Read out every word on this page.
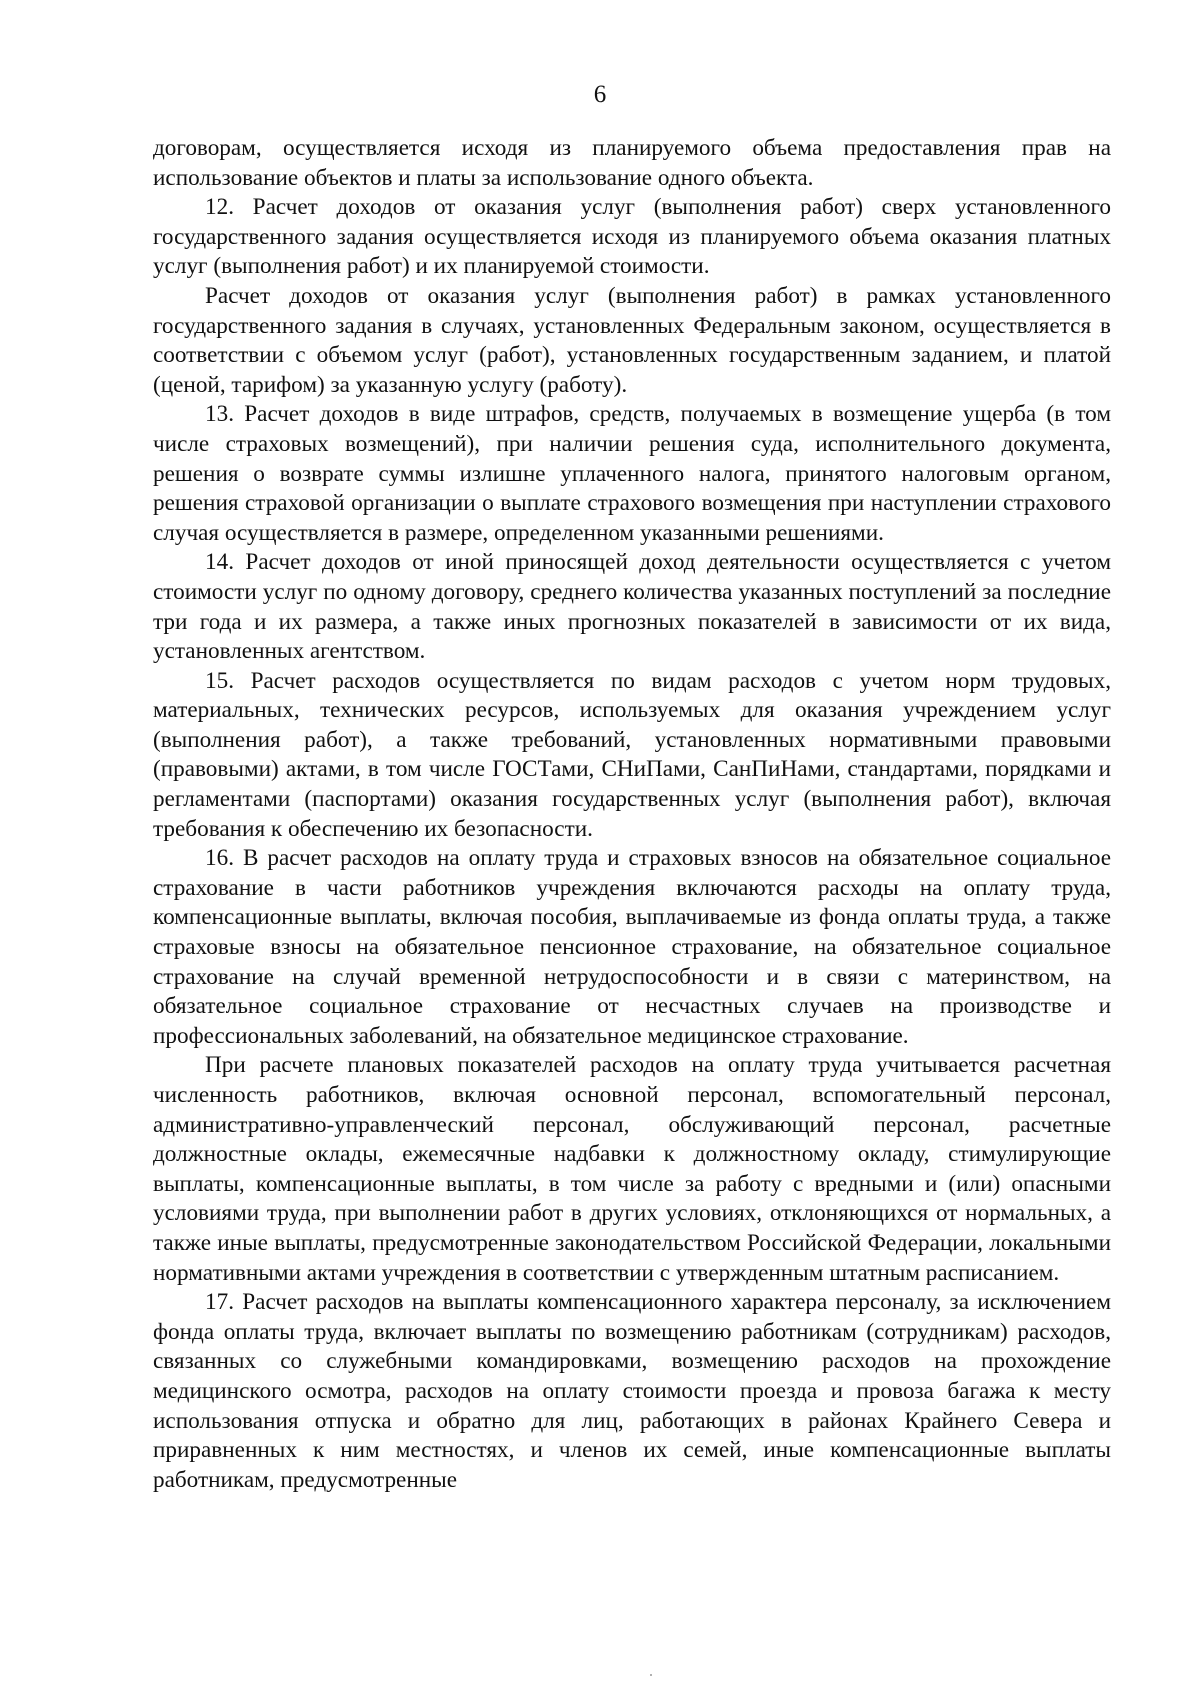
6

договорам, осуществляется исходя из планируемого объема предоставления прав на использование объектов и платы за использование одного объекта.

12. Расчет доходов от оказания услуг (выполнения работ) сверх установленного государственного задания осуществляется исходя из планируемого объема оказания платных услуг (выполнения работ) и их планируемой стоимости.

Расчет доходов от оказания услуг (выполнения работ) в рамках установленного государственного задания в случаях, установленных Федеральным законом, осуществляется в соответствии с объемом услуг (работ), установленных государственным заданием, и платой (ценой, тарифом) за указанную услугу (работу).

13. Расчет доходов в виде штрафов, средств, получаемых в возмещение ущерба (в том числе страховых возмещений), при наличии решения суда, исполнительного документа, решения о возврате суммы излишне уплаченного налога, принятого налоговым органом, решения страховой организации о выплате страхового возмещения при наступлении страхового случая осуществляется в размере, определенном указанными решениями.

14. Расчет доходов от иной приносящей доход деятельности осуществляется с учетом стоимости услуг по одному договору, среднего количества указанных поступлений за последние три года и их размера, а также иных прогнозных показателей в зависимости от их вида, установленных агентством.

15. Расчет расходов осуществляется по видам расходов с учетом норм трудовых, материальных, технических ресурсов, используемых для оказания учреждением услуг (выполнения работ), а также требований, установленных нормативными правовыми (правовыми) актами, в том числе ГОСТами, СНиПами, СанПиНами, стандартами, порядками и регламентами (паспортами) оказания государственных услуг (выполнения работ), включая требования к обеспечению их безопасности.

16. В расчет расходов на оплату труда и страховых взносов на обязательное социальное страхование в части работников учреждения включаются расходы на оплату труда, компенсационные выплаты, включая пособия, выплачиваемые из фонда оплаты труда, а также страховые взносы на обязательное пенсионное страхование, на обязательное социальное страхование на случай временной нетрудоспособности и в связи с материнством, на обязательное социальное страхование от несчастных случаев на производстве и профессиональных заболеваний, на обязательное медицинское страхование.

При расчете плановых показателей расходов на оплату труда учитывается расчетная численность работников, включая основной персонал, вспомогательный персонал, административно-управленческий персонал, обслуживающий персонал, расчетные должностные оклады, ежемесячные надбавки к должностному окладу, стимулирующие выплаты, компенсационные выплаты, в том числе за работу с вредными и (или) опасными условиями труда, при выполнении работ в других условиях, отклоняющихся от нормальных, а также иные выплаты, предусмотренные законодательством Российской Федерации, локальными нормативными актами учреждения в соответствии с утвержденным штатным расписанием.

17. Расчет расходов на выплаты компенсационного характера персоналу, за исключением фонда оплаты труда, включает выплаты по возмещению работникам (сотрудникам) расходов, связанных со служебными командировками, возмещению расходов на прохождение медицинского осмотра, расходов на оплату стоимости проезда и провоза багажа к месту использования отпуска и обратно для лиц, работающих в районах Крайнего Севера и приравненных к ним местностях, и членов их семей, иные компенсационные выплаты работникам, предусмотренные
